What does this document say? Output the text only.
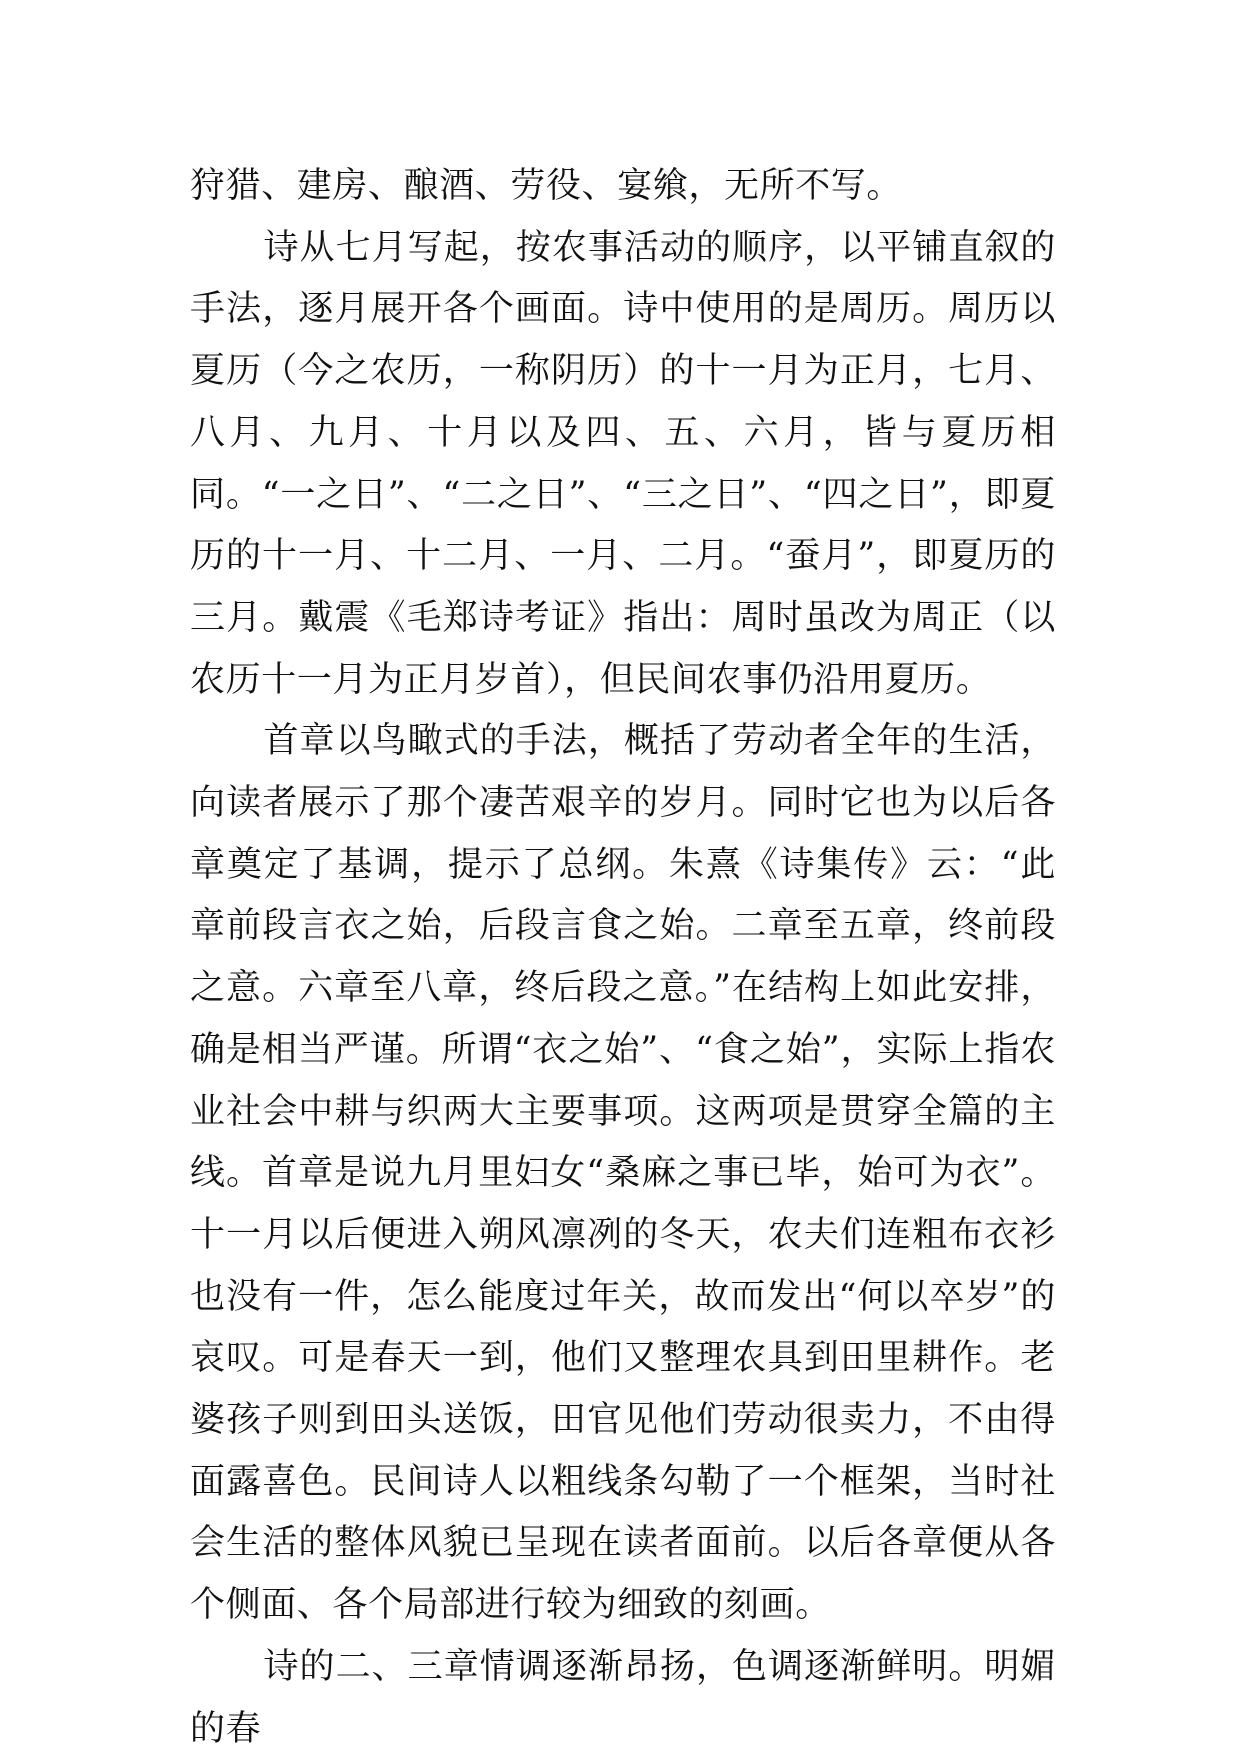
狩猎、建房、酿酒、劳役、宴飨，无所不写。

诗从七月写起，按农事活动的顺序，以平铺直叙的手法，逐月展开各个画面。诗中使用的是周历。周历以夏历（今之农历，一称阴历）的十一月为正月，七月、八月、九月、十月以及四、五、六月，皆与夏历相同。“一之日”、“二之日”、“三之日”、“四之日”，即夏历的十一月、十二月、一月、二月。“蚕月”，即夏历的三月。戴震《毛郑诗考证》指出：周时虽改为周正（以农历十一月为正月岁首），但民间农事仍沿用夏历。

首章以鸟瞰式的手法，概括了劳动者全年的生活，向读者展示了那个凄苦艰辛的岁月。同时它也为以后各章奠定了基调，提示了总纲。朱熹《诗集传》云：“此章前段言衣之始，后段言食之始。二章至五章，终前段之意。六章至八章，终后段之意。”在结构上如此安排，确是相当严谨。所谓“衣之始”、“食之始”，实际上指农业社会中耕与织两大主要事项。这两项是贯穿全篇的主线。首章是说九月里妇女“桑麻之事已毕，始可为衣”。十一月以后便进入朔风凛冽的冬天，农夫们连粗布衣衫也没有一件，怎么能度过年关，故而发出“何以卒岁”的哀叹。可是春天一到，他们又整理农具到田里耕作。老婆孩子则到田头送饭，田官见他们劳动很卖力，不由得面露喜色。民间诗人以粗线条勾勒了一个框架，当时社会生活的整体风貌已呈现在读者面前。以后各章便从各个侧面、各个局部进行较为细致的刻画。

诗的二、三章情调逐渐昂扬，色调逐渐鲜明。明媚的春
